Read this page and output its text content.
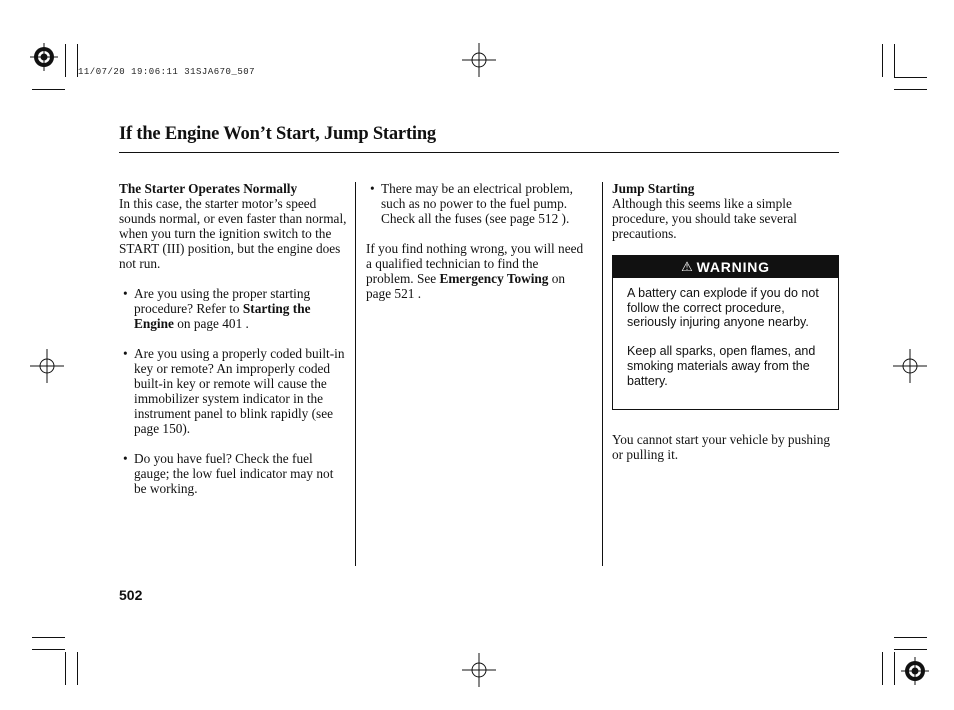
11/07/20 19:06:11 31SJA670_507
If the Engine Won’t Start, Jump Starting

The Starter Operates Normally

In this case, the starter motor’s speed sounds normal, or even faster than normal, when you turn the ignition switch to the START (III) position, but the engine does not run.

• Are you using the proper starting procedure? Refer to Starting the Engine on page 401 .

• Are you using a properly coded built-in key or remote? An improperly coded built-in key or remote will cause the immobilizer system indicator in the instrument panel to blink rapidly (see page 150).

• Do you have fuel? Check the fuel gauge; the low fuel indicator may not be working.

• There may be an electrical problem, such as no power to the fuel pump. Check all the fuses (see page 512 ).

If you find nothing wrong, you will need a qualified technician to find the problem. See Emergency Towing on page 521 .

Jump Starting

Although this seems like a simple procedure, you should take several precautions.

⚠ WARNING

A battery can explode if you do not follow the correct procedure, seriously injuring anyone nearby.

Keep all sparks, open flames, and smoking materials away from the battery.

You cannot start your vehicle by pushing or pulling it.

502
